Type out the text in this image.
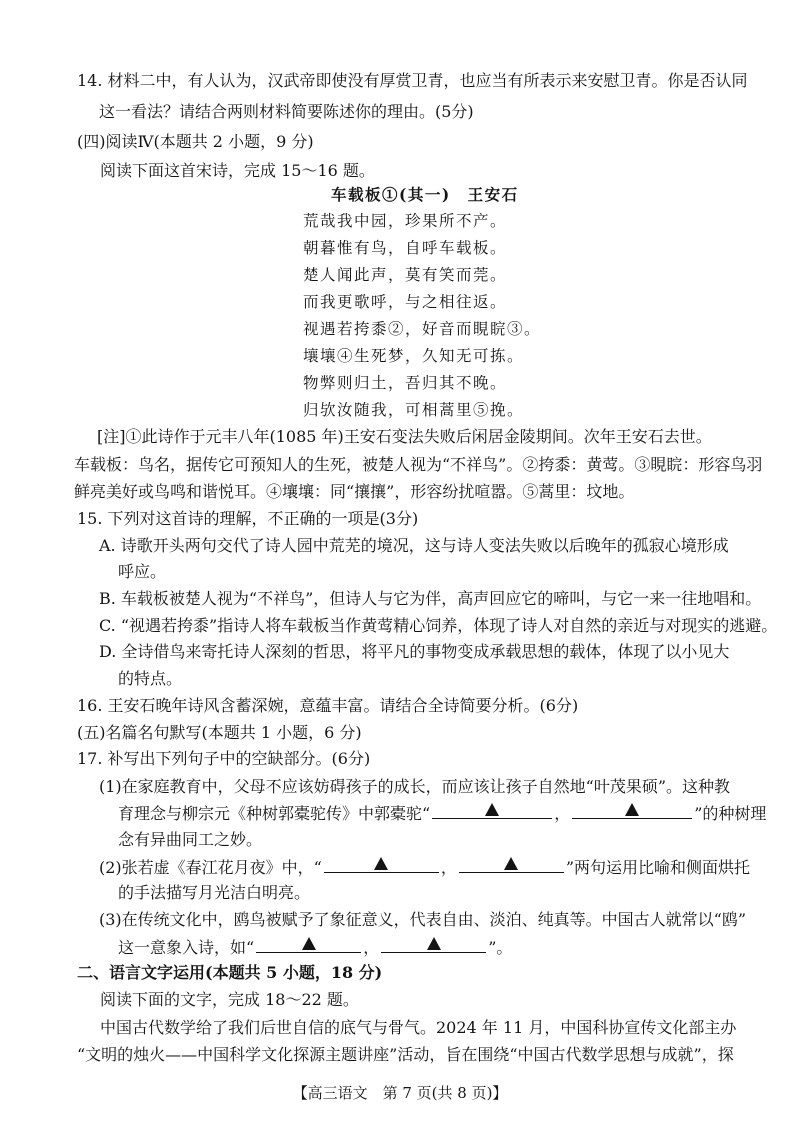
14. 材料二中，有人认为，汉武帝即使没有厚赏卫青，也应当有所表示来安慰卫青。你是否认同
这一看法？请结合两则材料简要陈述你的理由。(5分)
(四)阅读Ⅳ(本题共 2 小题，9 分)
阅读下面这首宋诗，完成 15～16 题。
车载板①(其一)　王安石
荒哉我中园，珍果所不产。
朝暮惟有鸟，自呼车载板。
楚人闻此声，莫有笑而莞。
而我更歌呼，与之相往返。
视遇若挎黍②，好音而睍睆③。
壤壤④生死梦，久知无可拣。
物弊则归土，吾归其不晚。
归欤汝随我，可相蒿里⑤挽。
[注]①此诗作于元丰八年(1085 年)王安石变法失败后闲居金陵期间。次年王安石去世。
车载板：鸟名，据传它可预知人的生死，被楚人视为“不祥鸟”。②挎黍：黄莺。③睍睆：形容鸟羽
鲜亮美好或鸟鸣和谐悦耳。④壤壤：同“攘攘”，形容纷扰喧嚣。⑤蒿里：坟地。
15. 下列对这首诗的理解，不正确的一项是(3分)
A. 诗歌开头两句交代了诗人园中荒芜的境况，这与诗人变法失败以后晚年的孤寂心境形成
呼应。
B. 车载板被楚人视为“不祥鸟”，但诗人与它为伴，高声回应它的啼叫，与它一来一往地唱和。
C. “视遇若挎黍”指诗人将车载板当作黄莺精心饲养，体现了诗人对自然的亲近与对现实的逃避。
D. 全诗借鸟来寄托诗人深刻的哲思，将平凡的事物变成承载思想的载体，体现了以小见大
的特点。
16. 王安石晚年诗风含蓄深婉，意蕴丰富。请结合全诗简要分析。(6分)
(五)名篇名句默写(本题共 1 小题，6 分)
17. 补写出下列句子中的空缺部分。(6分)
(1)在家庭教育中，父母不应该妨碍孩子的成长，而应该让孩子自然地“叶茂果硕”。这种教
育理念与柳宗元《种树郭橐驼传》中郭橐驼“	，	”的种树理
念有异曲同工之妙。
(2)张若虚《春江花月夜》中，“	，	”两句运用比喻和侧面烘托
的手法描写月光洁白明亮。
(3)在传统文化中，鸥鸟被赋予了象征意义，代表自由、淡泊、纯真等。中国古人就常以“鸥”
这一意象入诗，如“	，	”。
二、语言文字运用(本题共 5 小题，18 分)
阅读下面的文字，完成 18～22 题。
中国古代数学给了我们后世自信的底气与骨气。2024 年 11 月，中国科协宣传文化部主办
“文明的烛火——中国科学文化探源主题讲座”活动，旨在围绕“中国古代数学思想与成就”，探
【高三语文　第 7 页(共 8 页)】
